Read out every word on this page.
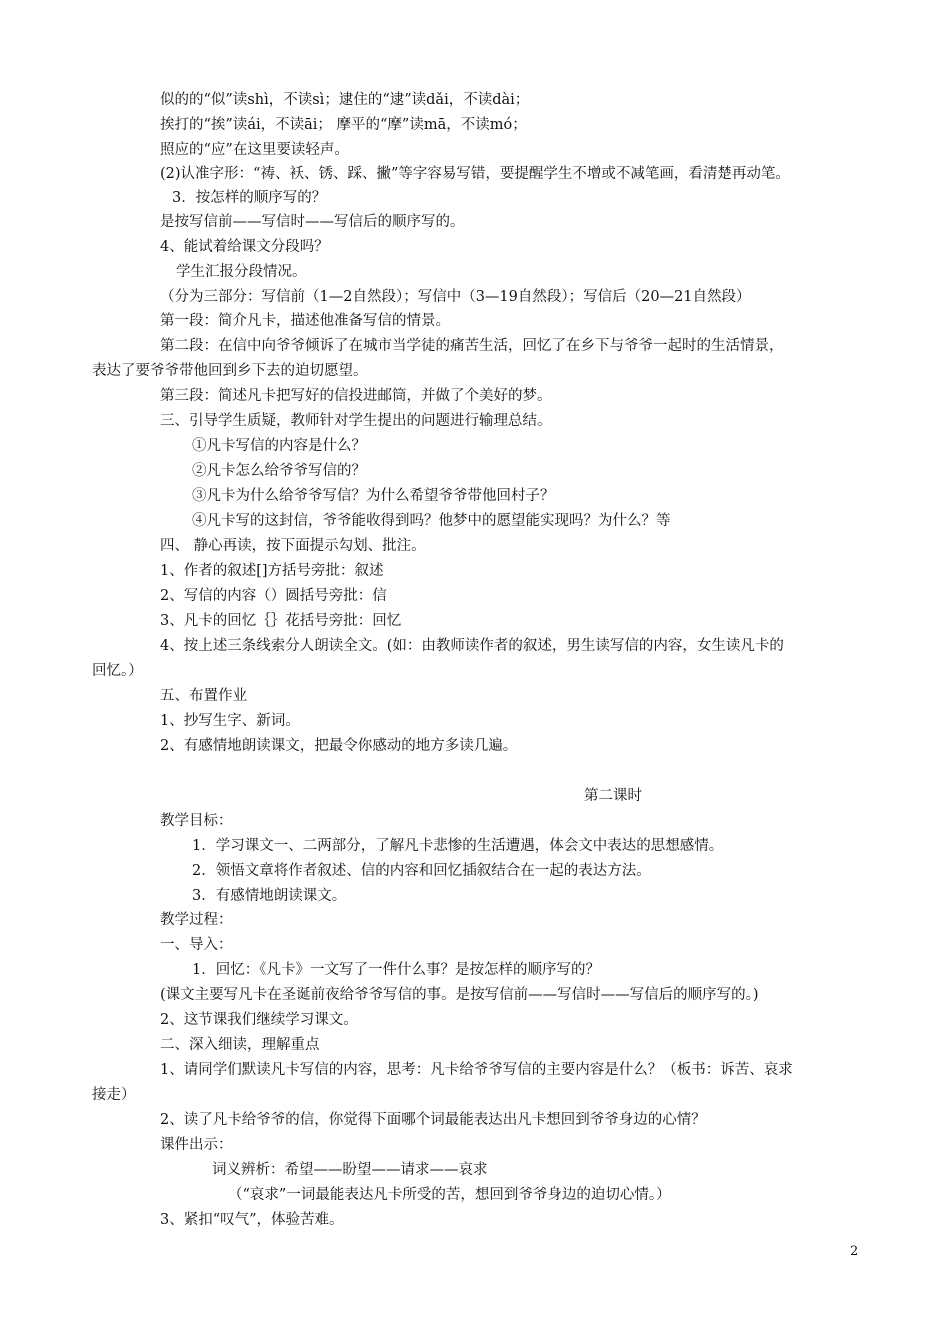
似的的“似”读shì，不读sì；逮住的“逮”读dǎi，不读dài；
挨打的“挨”读ái，不读āi； 摩平的“摩”读mā，不读mó；
照应的“应”在这里要读轻声。
(2)认准字形：“祷、袄、锈、踩、撇”等字容易写错，要提醒学生不增或不减笔画，看清楚再动笔。
3．按怎样的顺序写的？
是按写信前——写信时——写信后的顺序写的。
4、能试着给课文分段吗？
学生汇报分段情况。
（分为三部分：写信前（1—2自然段）；写信中（3—19自然段）；写信后（20—21自然段）
第一段：简介凡卡，描述他准备写信的情景。
第二段：在信中向爷爷倾诉了在城市当学徒的痛苦生活，回忆了在乡下与爷爷一起时的生活情景，
表达了要爷爷带他回到乡下去的迫切愿望。
第三段：简述凡卡把写好的信投进邮筒，并做了个美好的梦。
三、引导学生质疑，教师针对学生提出的问题进行输理总结。
①凡卡写信的内容是什么？
②凡卡怎么给爷爷写信的？
③凡卡为什么给爷爷写信？为什么希望爷爷带他回村子？
④凡卡写的这封信，爷爷能收得到吗？他梦中的愿望能实现吗？为什么？等
四、 静心再读，按下面提示勾划、批注。
1、作者的叙述[]方括号旁批：叙述
2、写信的内容（）圆括号旁批：信
3、凡卡的回忆｛｝花括号旁批：回忆
4、按上述三条线索分人朗读全文。(如：由教师读作者的叙述，男生读写信的内容，女生读凡卡的
回忆。）
五、布置作业
1、抄写生字、新词。
2、有感情地朗读课文，把最令你感动的地方多读几遍。
第二课时
教学目标：
1．学习课文一、二两部分，了解凡卡悲惨的生活遭遇，体会文中表达的思想感情。
2．领悟文章将作者叙述、信的内容和回忆插叙结合在一起的表达方法。
3．有感情地朗读课文。
教学过程：
一、导入：
1．回忆：《凡卡》一文写了一件什么事？是按怎样的顺序写的？
(课文主要写凡卡在圣诞前夜给爷爷写信的事。是按写信前——写信时——写信后的顺序写的。)
2、这节课我们继续学习课文。
二、深入细读，理解重点
1、请同学们默读凡卡写信的内容，思考：凡卡给爷爷写信的主要内容是什么？（板书：诉苦、哀求
接走）
2、读了凡卡给爷爷的信，你觉得下面哪个词最能表达出凡卡想回到爷爷身边的心情？
课件出示：
词义辨析：希望——盼望——请求——哀求
（“哀求”一词最能表达凡卡所受的苦，想回到爷爷身边的迫切心情。）
3、紧扣“叹气”，体验苦难。
2
